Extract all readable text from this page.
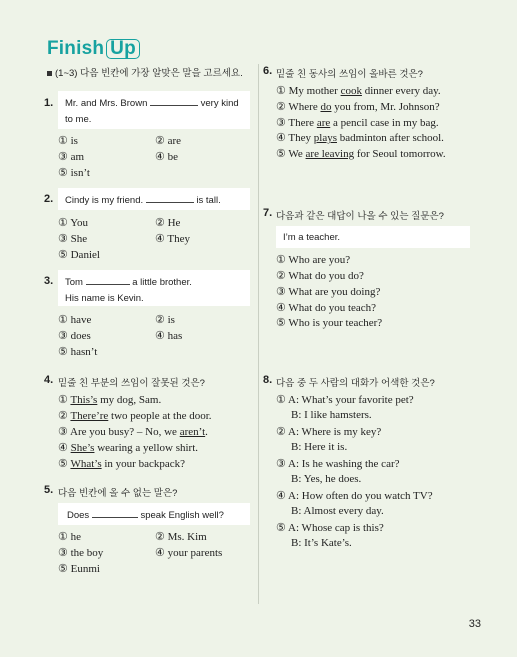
Finish Up
(1~3) 다음 빈칸에 가장 알맞은 말을 고르세요.
1.	Mr. and Mrs. Brown	very kind
to me.
① is	② are
③ am	④ be
⑤ isn’t
2.	Cindy is my friend.	is tall.
① You	② He
③ She	④ They
⑤ Daniel
3.	Tom	a little brother.
His name is Kevin.
① have	② is
③ does	④ has
⑤ hasn’t
4. 밑줄 친 부분의 쓰임이 잘못된 것은?
① This’s my dog, Sam.
② There’re two people at the door.
③ Are you busy? – No, we aren’t.
④ She’s wearing a yellow shirt.
⑤ What’s in your backpack?
5. 다음 빈칸에 올 수 없는 말은?
Does	speak English well?
① he	② Ms. Kim
③ the boy	④ your parents
⑤ Eunmi
6. 밑줄 친 동사의 쓰임이 올바른 것은?
① My mother cook dinner every day.
② Where do you from, Mr. Johnson?
③ There are a pencil case in my bag.
④ They plays badminton after school.
⑤ We are leaving for Seoul tomorrow.
7. 다음과 같은 대답이 나올 수 있는 질문은?
I’m a teacher.
① Who are you?
② What do you do?
③ What are you doing?
④ What do you teach?
⑤ Who is your teacher?
8. 다음 중 두 사람의 대화가 어색한 것은?
① A: What’s your favorite pet?
B: I like hamsters.
② A: Where is my key?
B: Here it is.
③ A: Is he washing the car?
B: Yes, he does.
④ A: How often do you watch TV?
B: Almost every day.
⑤ A: Whose cap is this?
B: It’s Kate’s.
33
